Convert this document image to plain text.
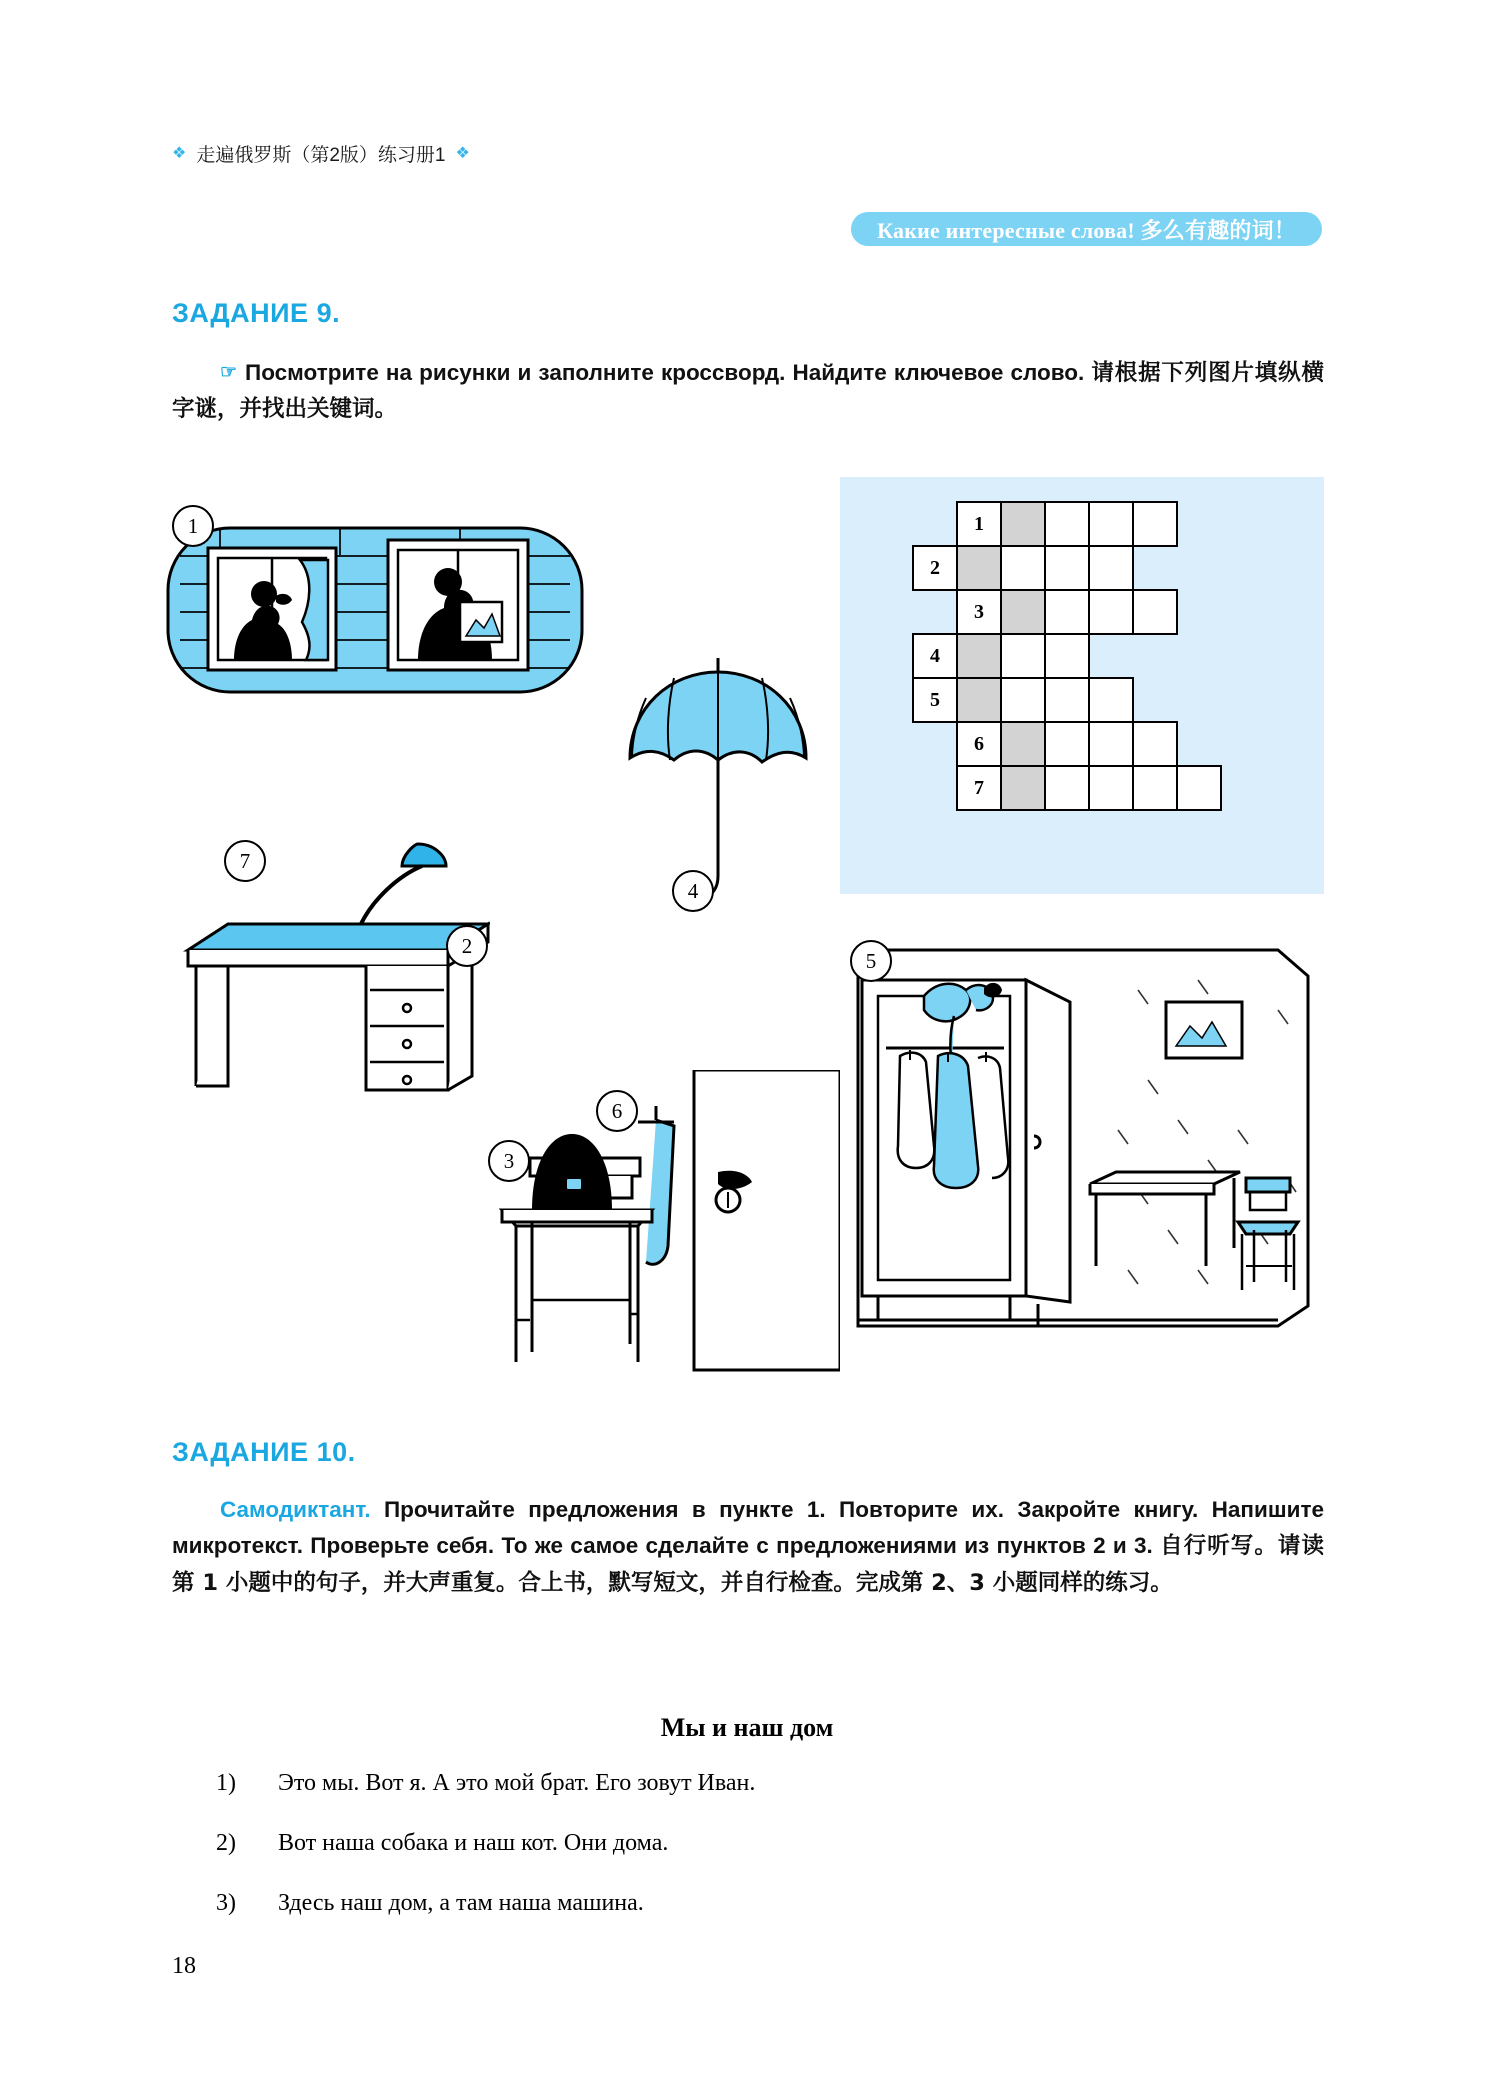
❖ 走遍俄罗斯（第2版）练习册1 ❖
Какие интересные слова! 多么有趣的词！
ЗАДАНИЕ 9.
☞ Посмотрите на рисунки и заполните кроссворд. Найдите ключевое слово. 请根据下列图片填纵横字谜，并找出关键词。
1
2
3
4
5
6
7
1
4
7
2
3
6
5
ЗАДАНИЕ 10.
Самодиктант. Прочитайте предложения в пункте 1. Повторите их. Закройте книгу. Напишите микротекст. Проверьте себя. То же самое сделайте с предложениями из пунктов 2 и 3. 自行听写。请读第 1 小题中的句子，并大声重复。合上书，默写短文，并自行检查。完成第 2、3 小题同样的练习。
Мы и наш дом
1)	Это мы. Вот я. А это мой брат. Его зовут Иван.
2)	Вот наша собака и наш кот. Они дома.
3)	Здесь наш дом, а там наша машина.
18
